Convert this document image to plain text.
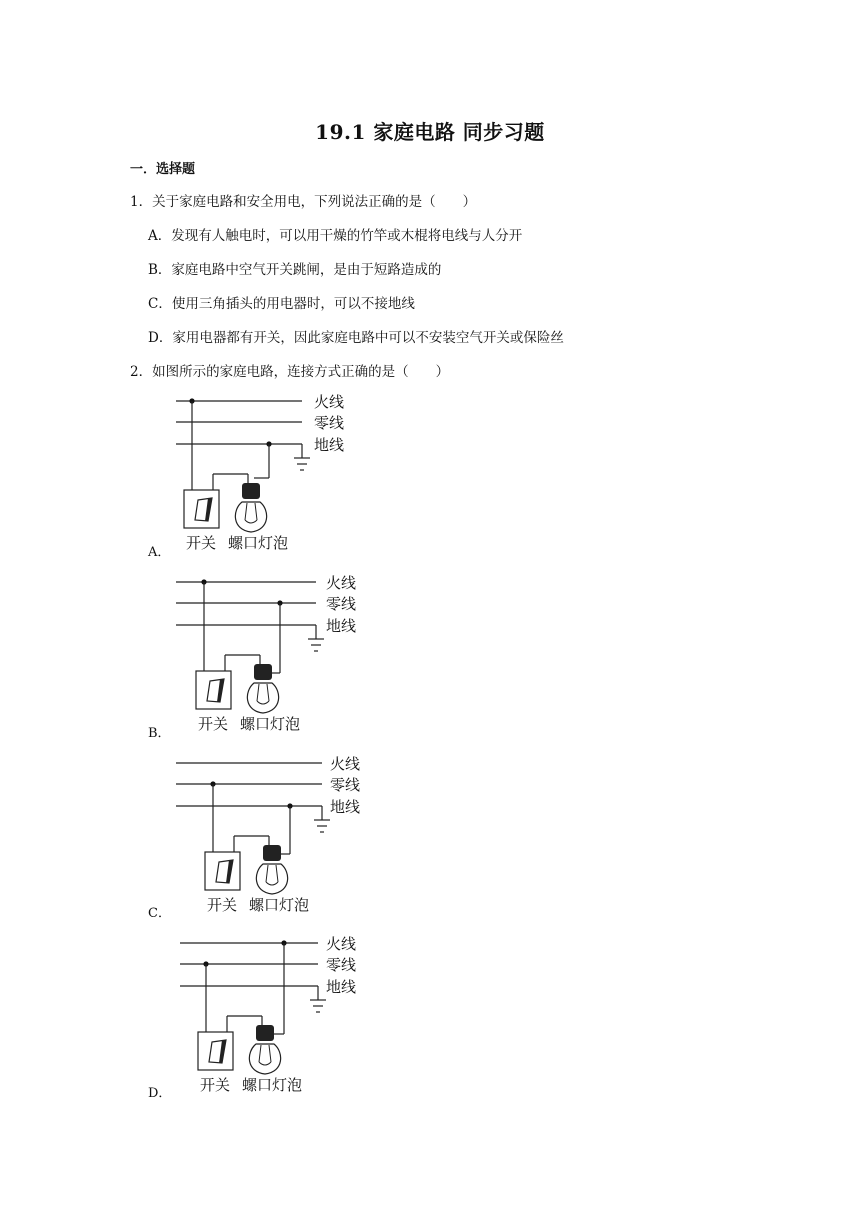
19.1 家庭电路 同步习题
一．选择题
1．关于家庭电路和安全用电，下列说法正确的是（　　）
A．发现有人触电时，可以用干燥的竹竿或木棍将电线与人分开
B．家庭电路中空气开关跳闸，是由于短路造成的
C．使用三角插头的用电器时，可以不接地线
D．家用电器都有开关，因此家庭电路中可以不安装空气开关或保险丝
2．如图所示的家庭电路，连接方式正确的是（　　）
火线
零线
地线
开关 螺口灯泡
A．
火线
零线
地线
开关 螺口灯泡
B．
火线
零线
地线
开关 螺口灯泡
C．
火线
零线
地线
开关 螺口灯泡
D．
